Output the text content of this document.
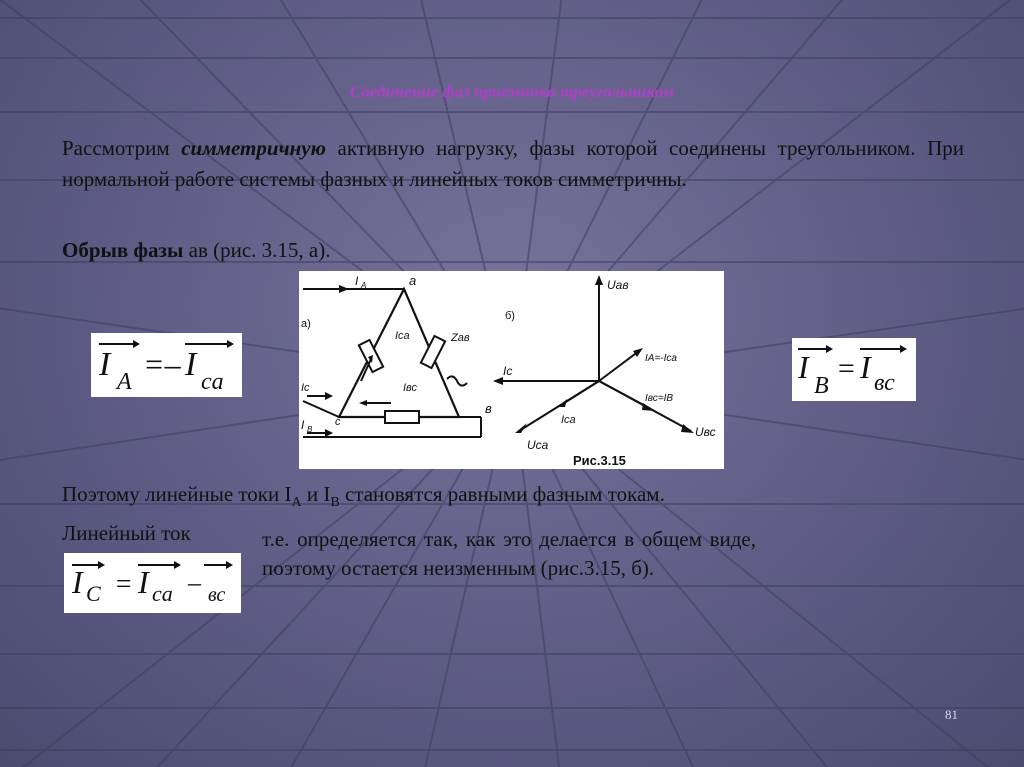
Соединение фаз приемника треугольником
Рассмотрим симметричную активную нагрузку, фазы которой соединены треугольником. При нормальной работе системы фазных и линейных токов симметричны.
Обрыв фазы ав (рис. 3.15, а).
I A =– I ca	I
B
= I вс
а)
а
в
с
I A
Ic
I B
Ica	Zав
Iвс
б)
Uав
Uca
Uвс
Ic
Ica
IA=-Ica
Iвс=IB
Рис.3.15
Поэтому линейные токи $I_A$ и $I_B$ становятся равными фазным токам.
Линейный ток
I C = I ca – вс
т.е. определяется так, как это делается в общем виде, поэтому остается неизменным (рис.3.15, б).
81
